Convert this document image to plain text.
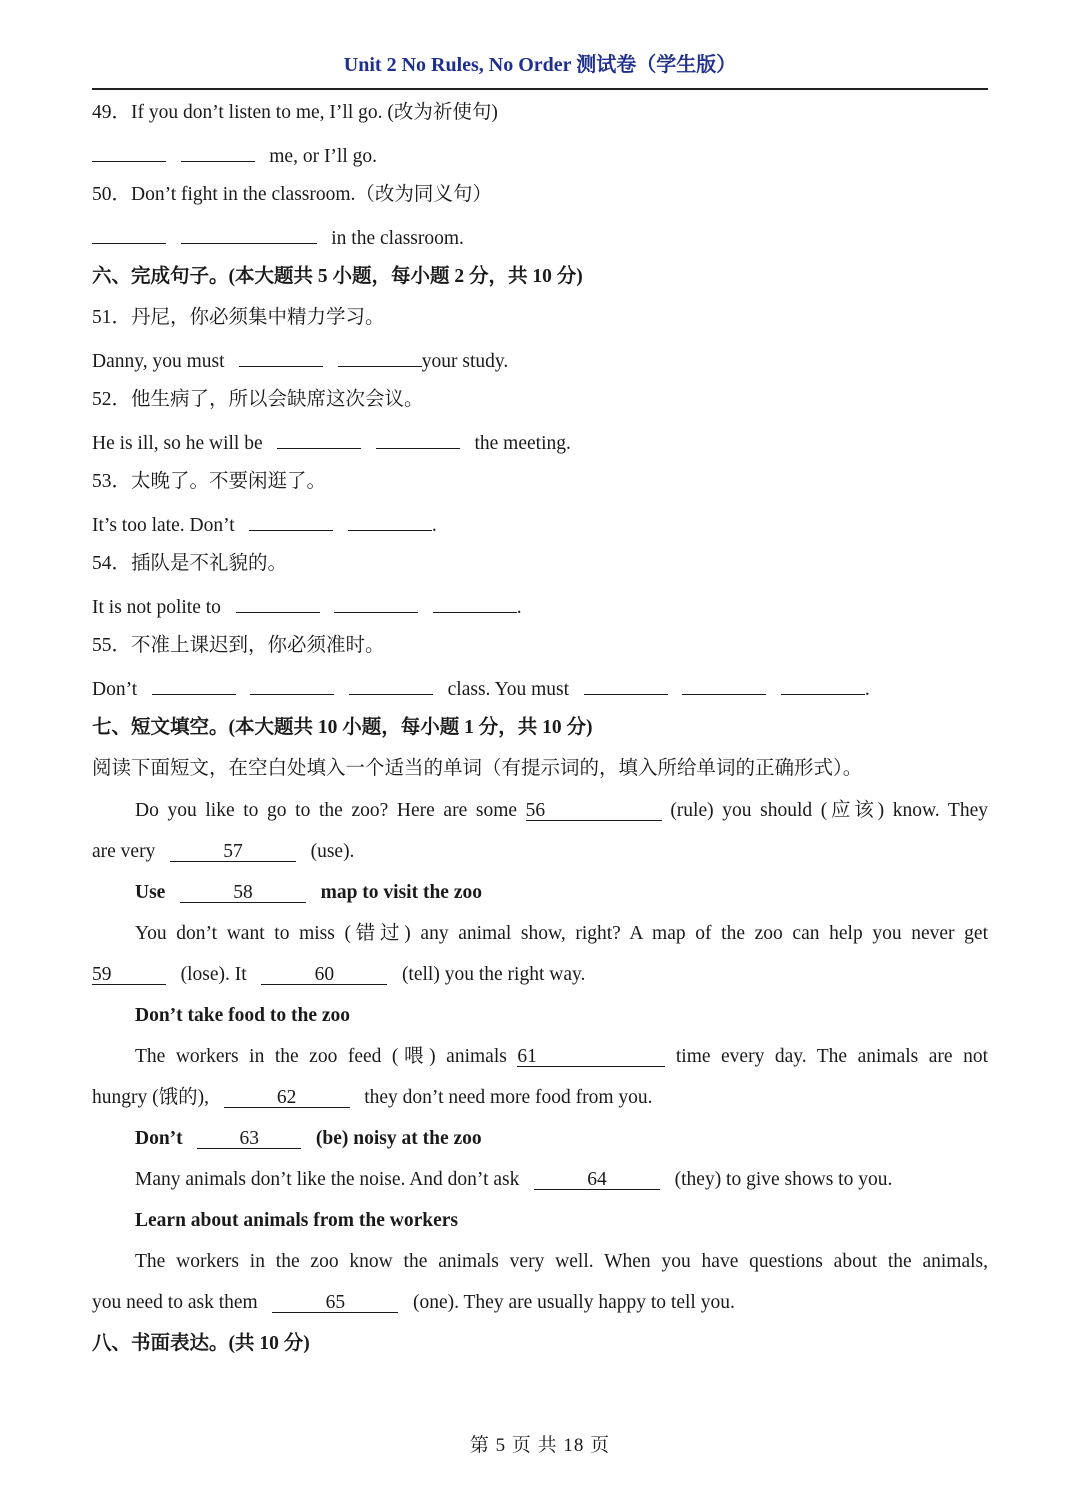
Unit 2 No Rules, No Order 测试卷（学生版）
49．If you don’t listen to me, I’ll go. (改为祈使句)
me, or I’ll go.
50．Don’t fight in the classroom.（改为同义句）
in the classroom.
六、完成句子。(本大题共 5 小题，每小题 2 分，共 10 分)
51．丹尼，你必须集中精力学习。
Danny, you must	your study.
52．他生病了，所以会缺席这次会议。
He is ill, so he will be	the meeting.
53．太晚了。不要闲逛了。
It’s too late. Don’t	.
54．插队是不礼貌的。
It is not polite to	.
55．不准上课迟到，你必须准时。
Don’t	class. You must	.
七、短文填空。(本大题共 10 小题，每小题 1 分，共 10 分)
阅读下面短文，在空白处填入一个适当的单词（有提示词的，填入所给单词的正确形式）。
Do you like to go to the zoo? Here are some 56	(rule) you should (应该) know. They
are very	57	(use).
Use	58	map to visit the zoo
You don’t want to miss (错过) any animal show, right? A map of the zoo can help you never get
59	(lose). It	60	(tell) you the right way.
Don’t take food to the zoo
The workers in the zoo feed (喂) animals 61	time every day. The animals are not
hungry (饿的),	62	they don’t need more food from you.
Don’t	63	(be) noisy at the zoo
Many animals don’t like the noise. And don’t ask	64	(they) to give shows to you.
Learn about animals from the workers
The workers in the zoo know the animals very well. When you have questions about the animals,
you need to ask them	65	(one). They are usually happy to tell you.
八、书面表达。(共 10 分)
第 5 页 共 18 页
